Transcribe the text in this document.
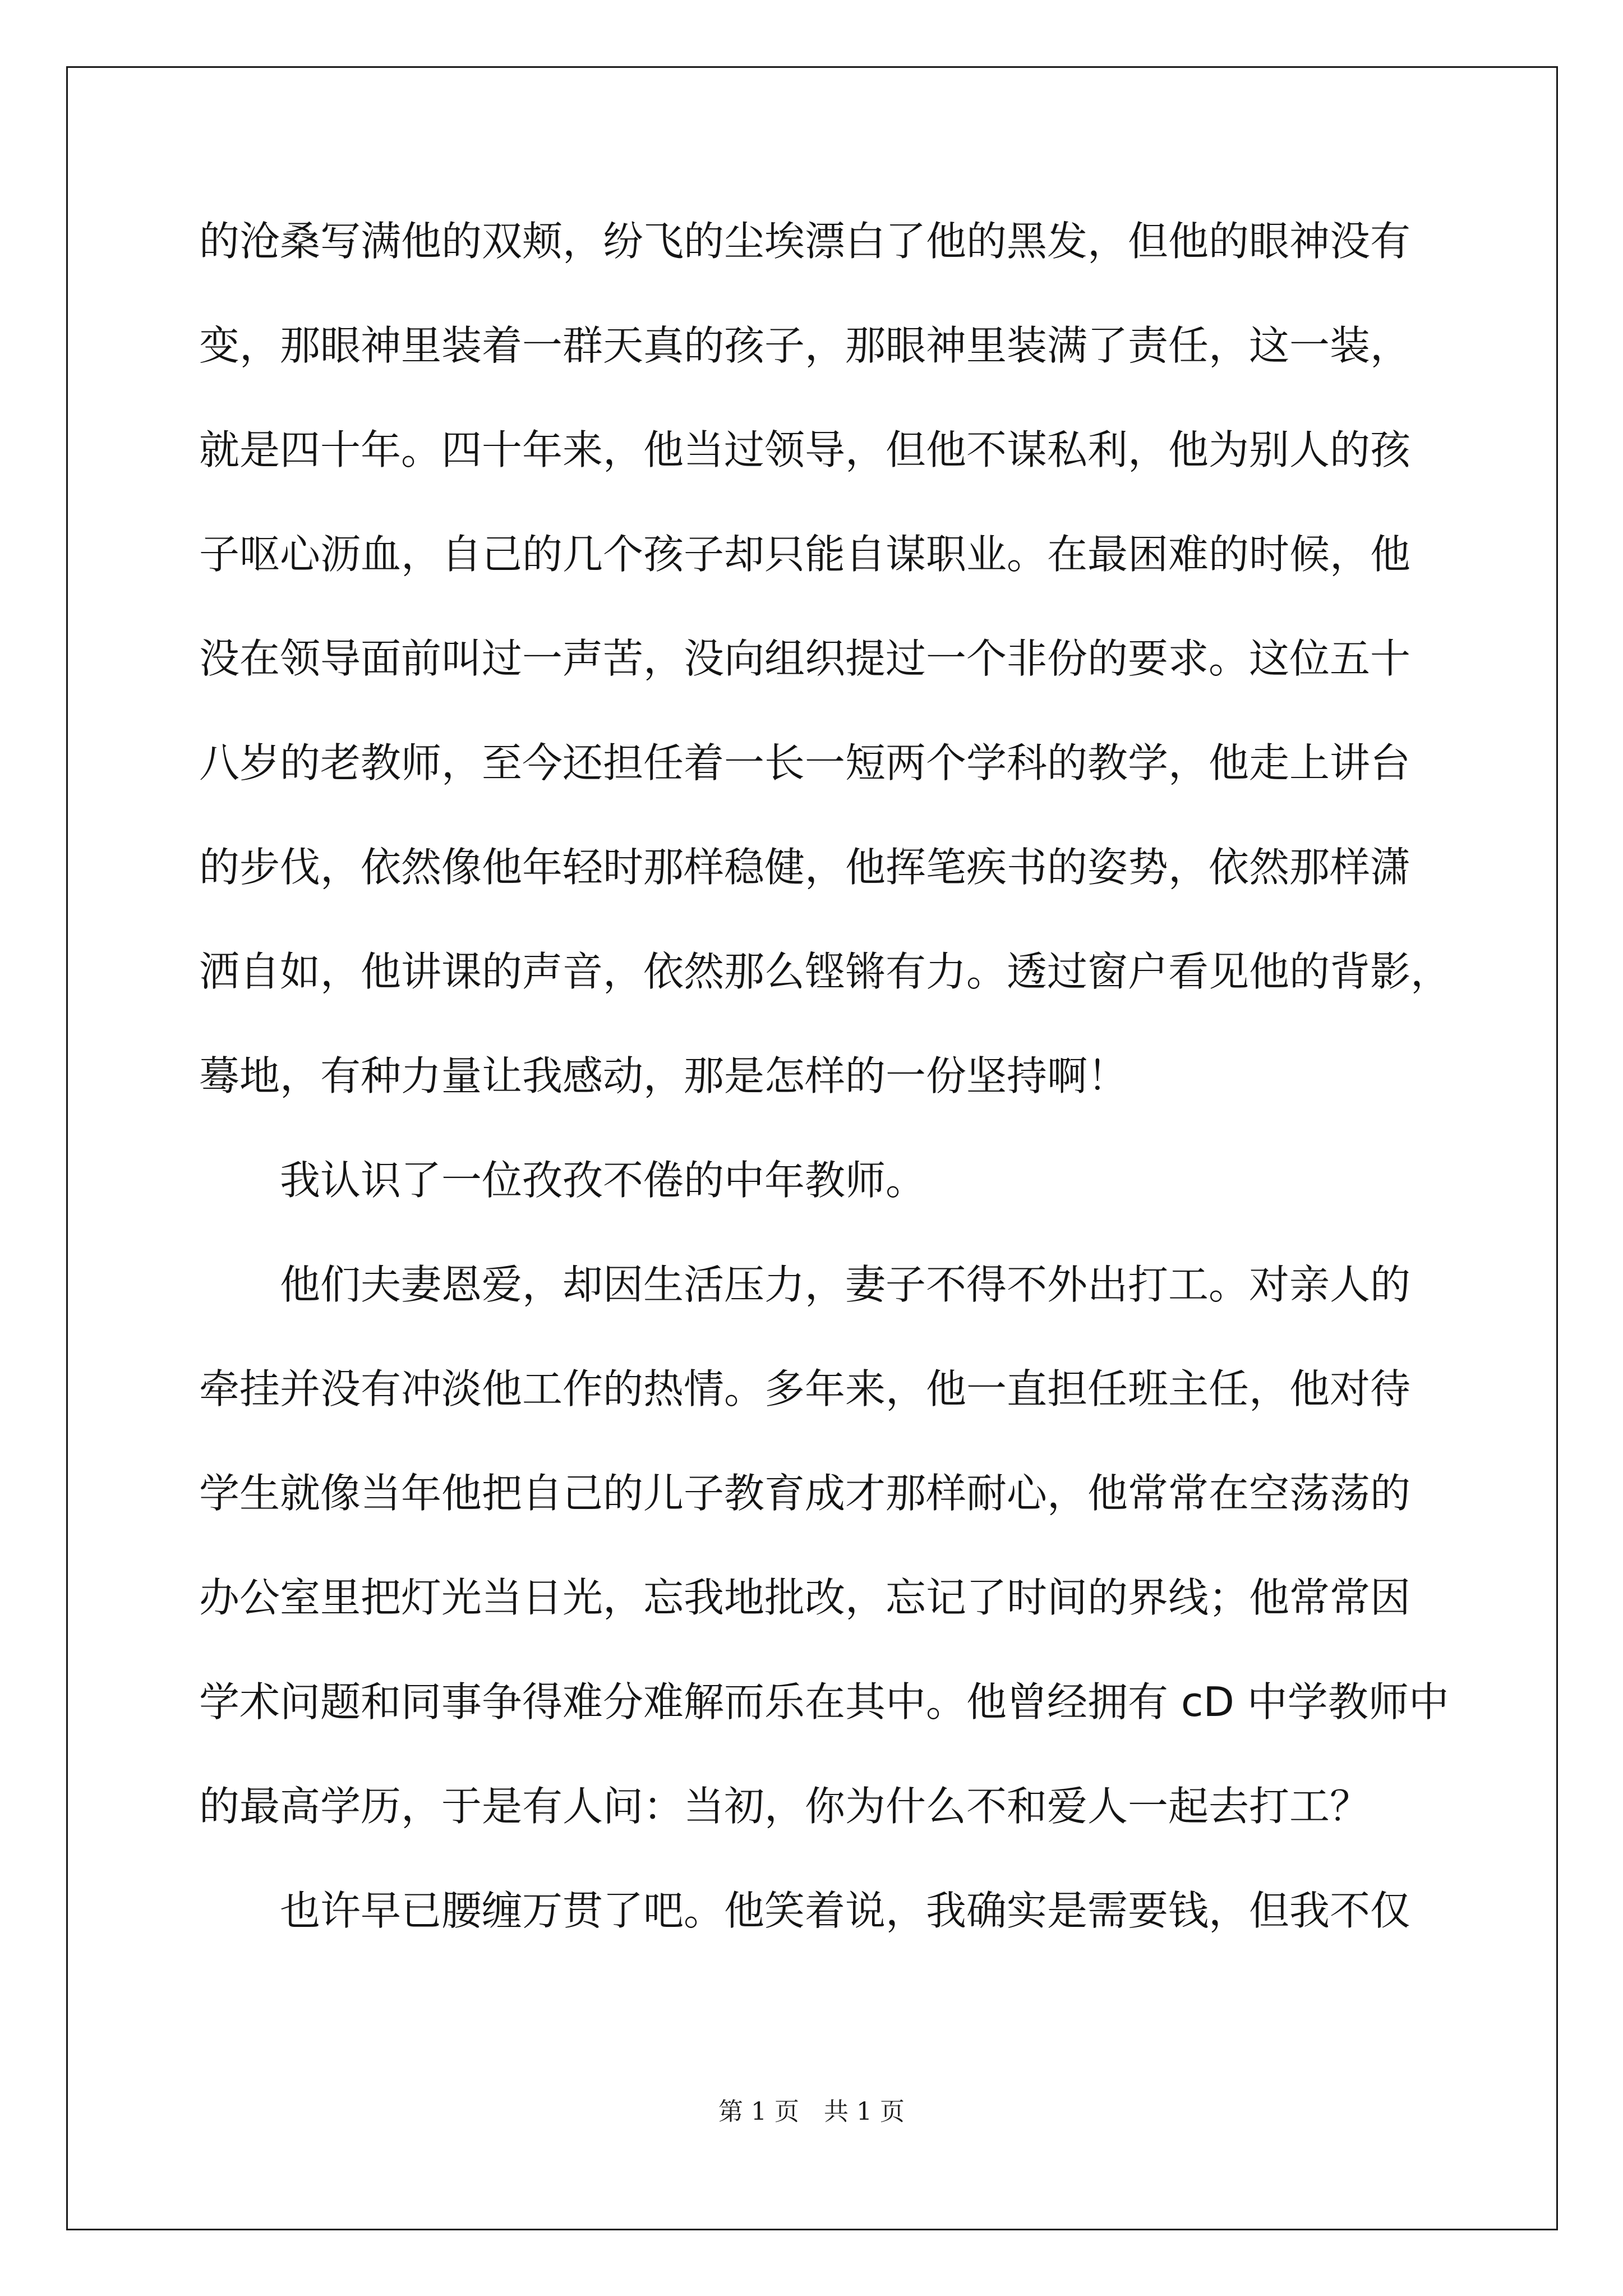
的沧桑写满他的双颊，纷飞的尘埃漂白了他的黑发，但他的眼神没有
变，那眼神里装着一群天真的孩子，那眼神里装满了责任，这一装，
就是四十年。四十年来，他当过领导，但他不谋私利，他为别人的孩
子呕心沥血，自己的几个孩子却只能自谋职业。在最困难的时候，他
没在领导面前叫过一声苦，没向组织提过一个非份的要求。这位五十
八岁的老教师，至今还担任着一长一短两个学科的教学，他走上讲台
的步伐，依然像他年轻时那样稳健，他挥笔疾书的姿势，依然那样潇
洒自如，他讲课的声音，依然那么铿锵有力。透过窗户看见他的背影，
蓦地，有种力量让我感动，那是怎样的一份坚持啊！
我认识了一位孜孜不倦的中年教师。
他们夫妻恩爱，却因生活压力，妻子不得不外出打工。对亲人的
牵挂并没有冲淡他工作的热情。多年来，他一直担任班主任，他对待
学生就像当年他把自己的儿子教育成才那样耐心，他常常在空荡荡的
办公室里把灯光当日光，忘我地批改，忘记了时间的界线；他常常因
学术问题和同事争得难分难解而乐在其中。他曾经拥有 cD 中学教师中
的最高学历，于是有人问：当初，你为什么不和爱人一起去打工？
也许早已腰缠万贯了吧。他笑着说，我确实是需要钱，但我不仅
第 1 页　共 1 页
